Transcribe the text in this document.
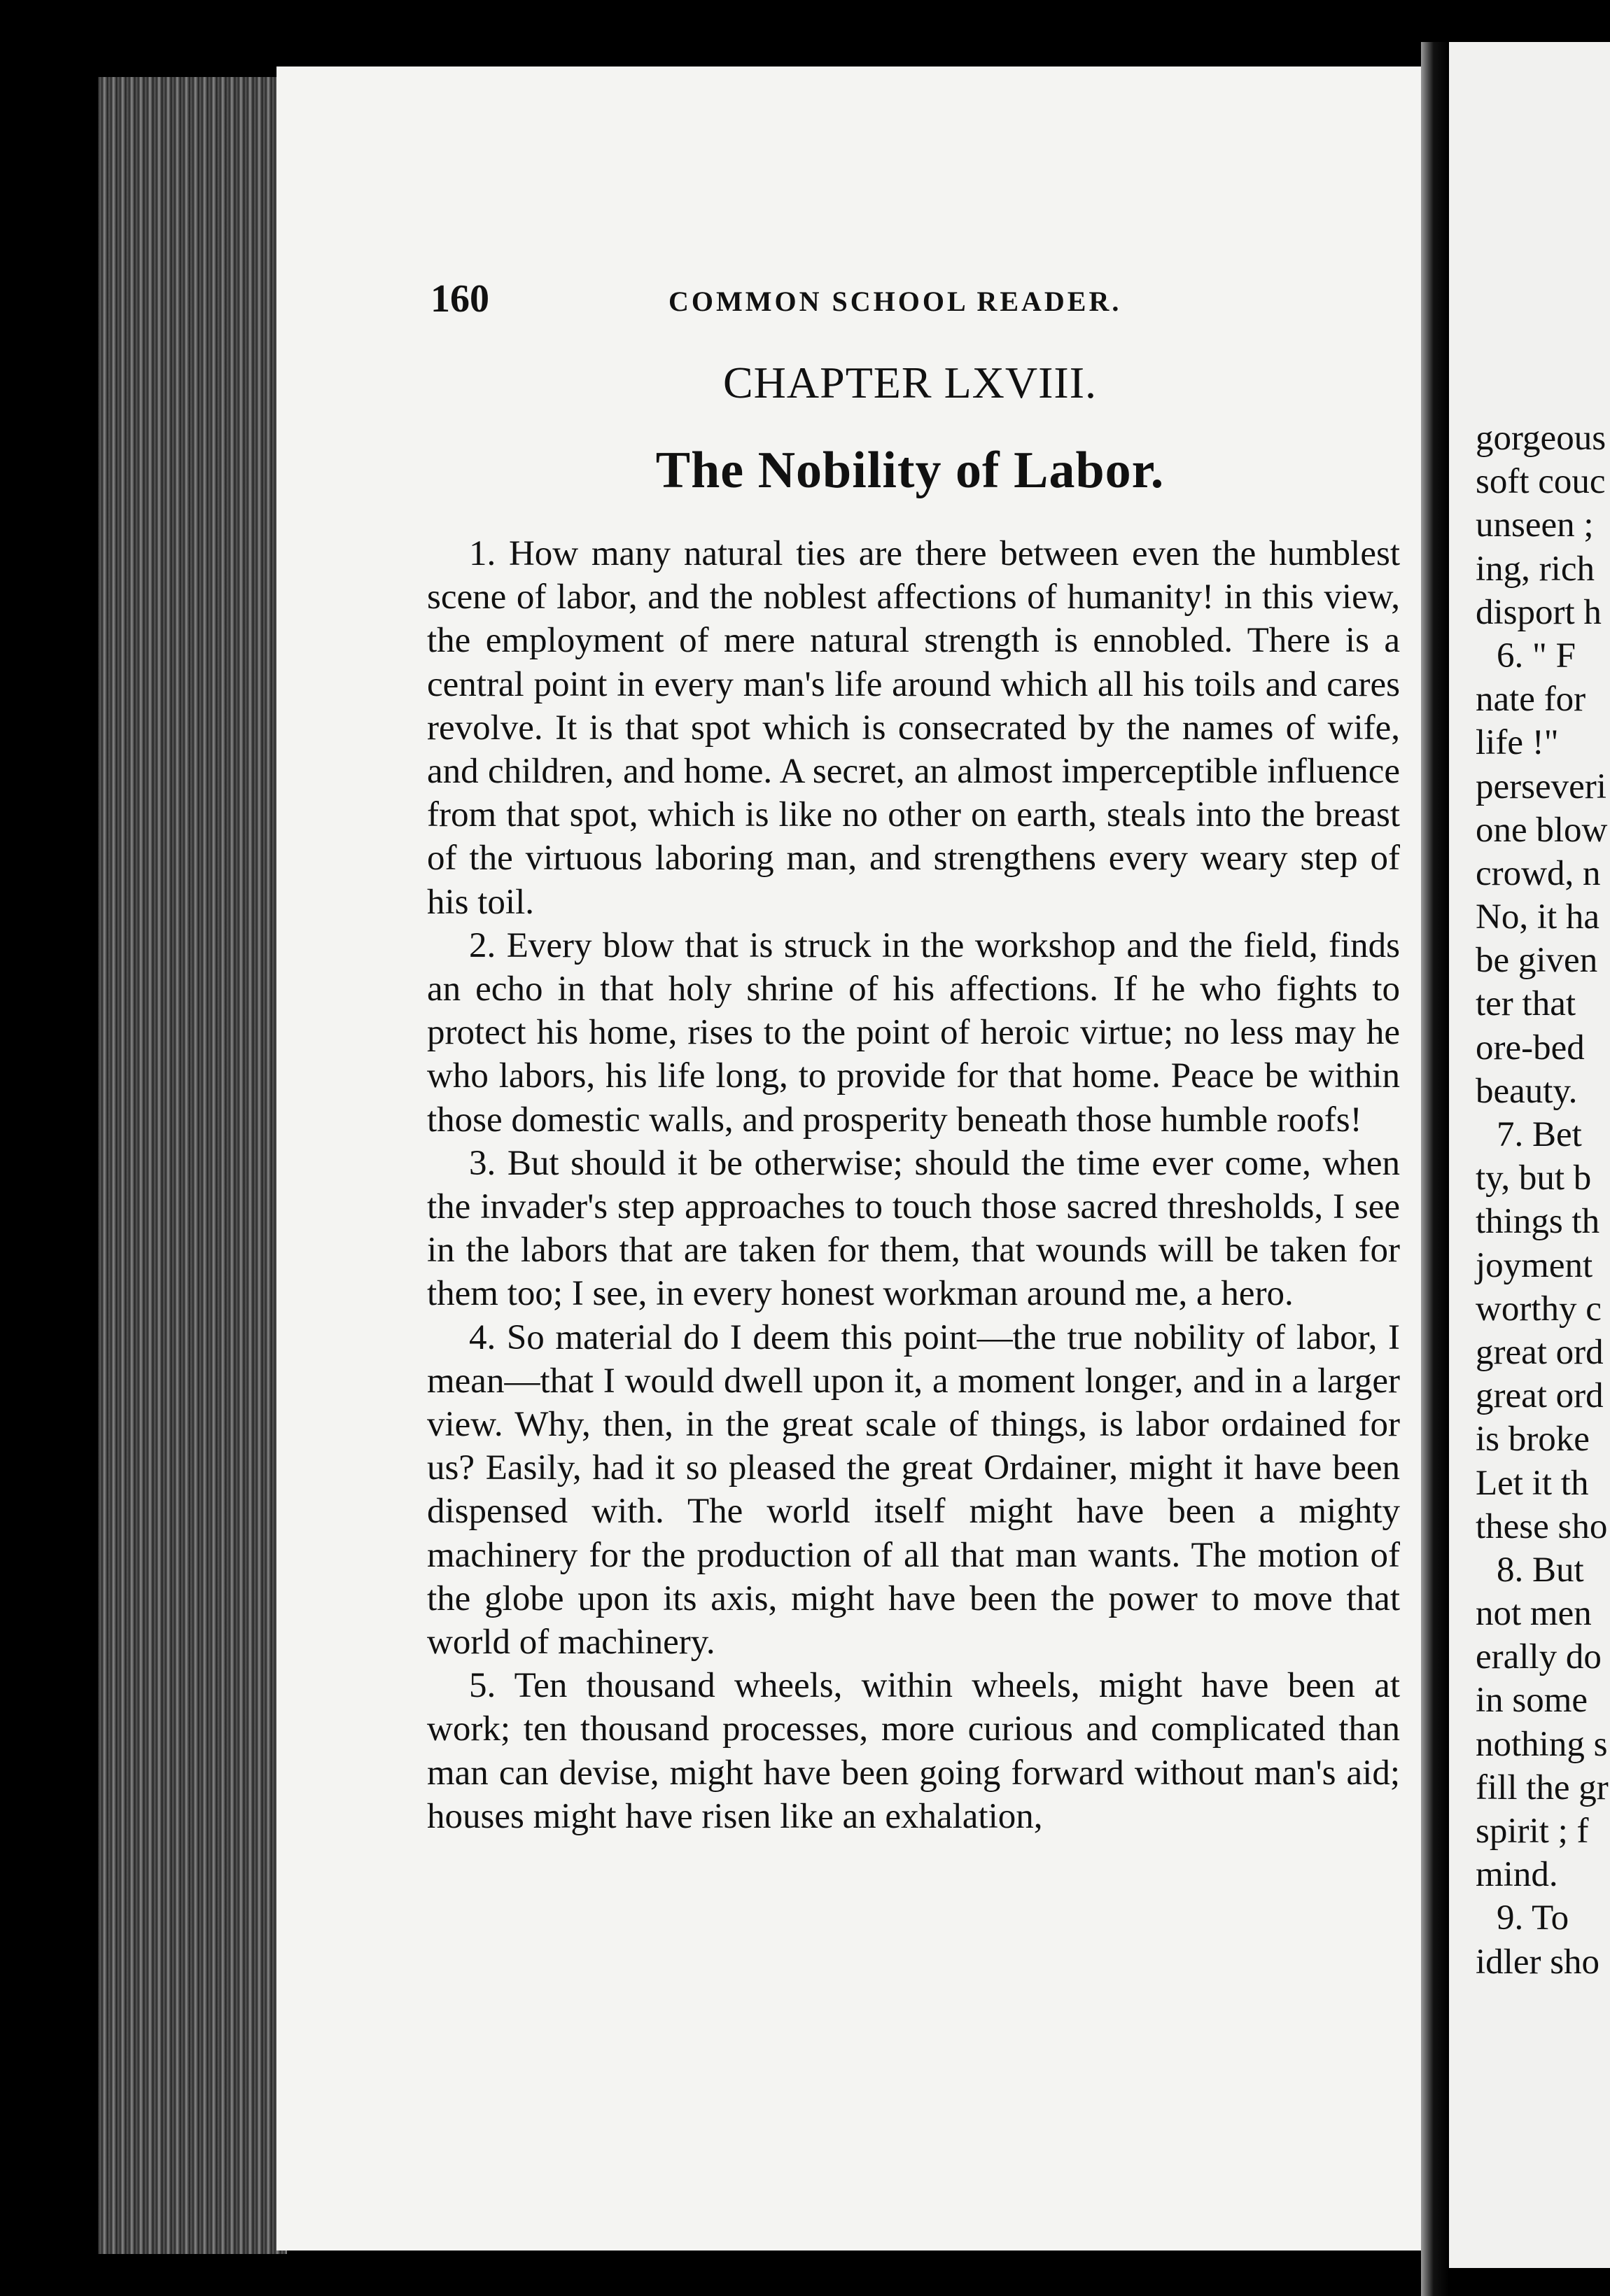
160	COMMON SCHOOL READER.
CHAPTER LXVIII.
The Nobility of Labor.

1. How many natural ties are there between even the humblest scene of labor, and the noblest affections of humanity! in this view, the employment of mere natural strength is ennobled. There is a central point in every man's life around which all his toils and cares revolve. It is that spot which is consecrated by the names of wife, and children, and home. A secret, an almost imperceptible influence from that spot, which is like no other on earth, steals into the breast of the virtuous laboring man, and strengthens every weary step of his toil.

2. Every blow that is struck in the workshop and the field, finds an echo in that holy shrine of his affections. If he who fights to protect his home, rises to the point of heroic virtue; no less may he who labors, his life long, to provide for that home. Peace be within those domestic walls, and prosperity beneath those humble roofs!

3. But should it be otherwise; should the time ever come, when the invader's step approaches to touch those sacred thresholds, I see in the labors that are taken for them, that wounds will be taken for them too; I see, in every honest workman around me, a hero.

4. So material do I deem this point—the true nobility of labor, I mean—that I would dwell upon it, a moment longer, and in a larger view. Why, then, in the great scale of things, is labor ordained for us? Easily, had it so pleased the great Ordainer, might it have been dispensed with. The world itself might have been a mighty machinery for the production of all that man wants. The motion of the globe upon its axis, might have been the power to move that world of machinery.

5. Ten thousand wheels, within wheels, might have been at work; ten thousand processes, more curious and complicated than man can devise, might have been going forward without man's aid; houses might have risen like an exhalation,

gorgeous
soft couc
unseen ;
ing, rich
disport h
6. " F
nate for
life !"
perseveri
one blow
crowd, n
No, it ha
be given
ter that
ore-bed
beauty.
7. Bet
ty, but b
things th
joyment
worthy c
great ord
great ord
is broke
Let it th
these sho
8. But
not men
erally do
in some
nothing s
fill the gr
spirit ; f
mind.
9. To
idler sho
